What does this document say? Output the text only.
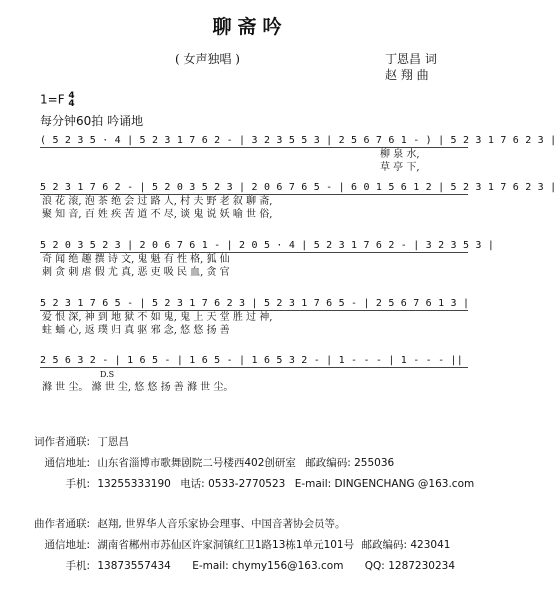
聊斋吟
( 女声独唱 )	丁恩昌 词
赵 翔 曲
1=F 4
4
每分钟60拍 吟诵地
( 5 2 3 5 · 4 | 5 2 3 1 7 6 2 - | 3 2 3 5 5 3 | 2 5 6 7 6 1 - ) | 5 2 3 1 7 6 2 3 |
柳 泉 水,
草 亭 下,
5 2 3 1 7 6 2 - | 5 2 0 3 5 2 3 | 2 0 6 7 6 5 - | 6 0 1 5 6 1 2 | 5 2 3 1 7 6 2 3 |
浪 花 滚, 泡 茶 绝 会 过 路 人, 村 夫 野 老 叙 聊 斋,
聚 知 音, 百 姓 疾 苦 道 不 尽, 谈 鬼 说 妖 喻 世 俗,
5 2 0 3 5 2 3 | 2 0 6 7 6 1 - | 2 0 5 · 4 | 5 2 3 1 7 6 2 - | 3 2 3 5 3 |
奇 闻 绝 趣 撰 诗 文, 鬼 魁 有 性 格, 狐 仙
刺 贪 刺 虐 假 尤 真, 恶 吏 吸 民 血, 贪 官
5 2 3 1 7 6 5 - | 5 2 3 1 7 6 2 3 | 5 2 3 1 7 6 5 - | 2 5 6 7 6 1 3 |
爱 恨 深, 神 到 地 狱 不 如 鬼, 鬼 上 天 堂 胜 过 神,
蛀 蛹 心, 返 璞 归 真 驱 邪 念, 悠 悠 扬 善
2 5 6 3 2 - | 1 6 5 - | 1 6 5 - | 1 6 5 3 2 - | 1 - - - | 1 - - - ||
D.S
滌 世 尘。 滌 世 尘, 悠 悠 扬 善 滌 世 尘。
词作者通联: 丁恩昌
通信地址: 山东省淄博市歌舞剧院二号楼西402创研室 邮政编码: 255036
手机: 13255333190 电话: 0533-2770523 E-mail: DINGENCHANG @163.com
曲作者通联: 赵翔, 世界华人音乐家协会理事、中国音著协会员等。
通信地址: 湖南省郴州市苏仙区许家洞镇红卫1路13栋1单元101号 邮政编码: 423041
手机: 13873557434 E-mail: chymy156@163.com QQ: 1287230234
